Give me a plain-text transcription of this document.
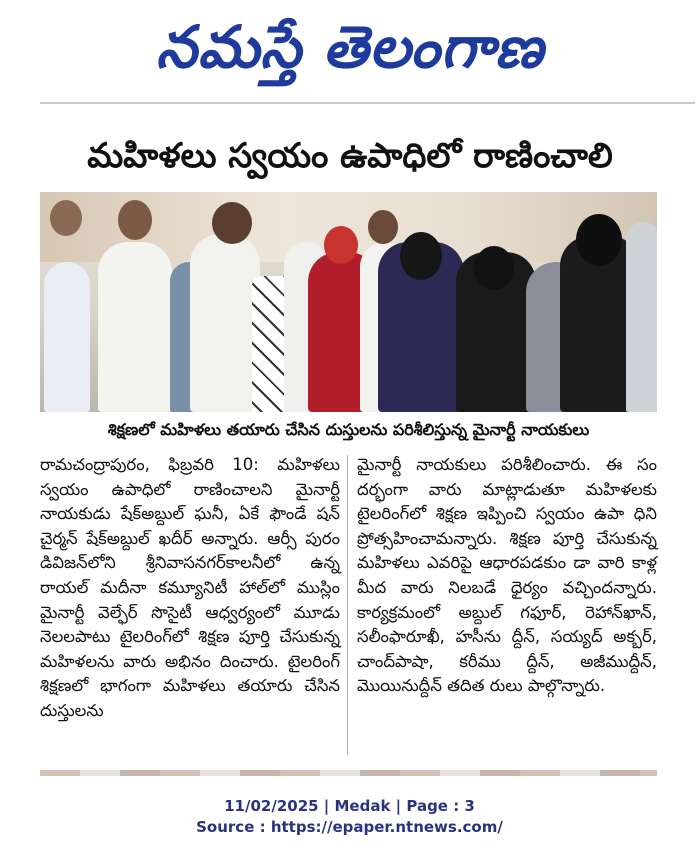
నమస్తే తెలంగాణ
మహిళలు స్వయం ఉపాధిలో రాణించాలి
శిక్షణలో మహిళలు తయారు చేసిన దుస్తులను పరిశీలిస్తున్న మైనార్టీ నాయకులు
రామచంద్రాపురం, ఫిబ్రవరి 10: మహిళలు స్వయం ఉపాధిలో రాణించాలని మైనార్టీ నాయకుడు షేక్‌అబ్దుల్ ఘనీ, ఏకే ఫౌండే షన్ చైర్మన్ షేక్‌అబ్దుల్ ఖదీర్ అన్నారు. ఆర్సీ పురం డివిజన్‌లోని శ్రీనివాసనగర్‌కాలనీలో ఉన్న రాయల్ మదీనా కమ్యూనిటీ హాల్‌లో ముస్లిం మైనార్టీ వెల్ఫేర్ సొసైటీ ఆధ్వర్యంలో మూడు నెలలపాటు టైలరింగ్‌లో శిక్షణ పూర్తి చేసుకున్న మహిళలను వారు అభినం దించారు. టైలరింగ్ శిక్షణలో భాగంగా మహిళలు తయారు చేసిన దుస్తులను
మైనార్టీ నాయకులు పరిశీలించారు. ఈ సం దర్భంగా వారు మాట్లాడుతూ మహిళలకు టైలరింగ్‌లో శిక్షణ ఇప్పించి స్వయం ఉపా ధిని ప్రోత్సహించామన్నారు. శిక్షణ పూర్తి చేసుకున్న మహిళలు ఎవరిపై ఆధారపడకుం డా వారి కాళ్ల మీద వారు నిలబడే ధైర్యం వచ్చిందన్నారు. కార్యక్రమంలో అబ్దుల్ గఫూర్, రెహాన్‌ఖాన్, సలీంఫారూఖీ, హసీను ద్దీన్, సయ్యద్ అక్బర్, చాంద్‌పాషా, కరీము ద్దీన్, అజీముద్దీన్, మొయినుద్దీన్ తదిత రులు పాల్గొన్నారు.
11/02/2025 | Medak | Page : 3
Source : https://epaper.ntnews.com/
